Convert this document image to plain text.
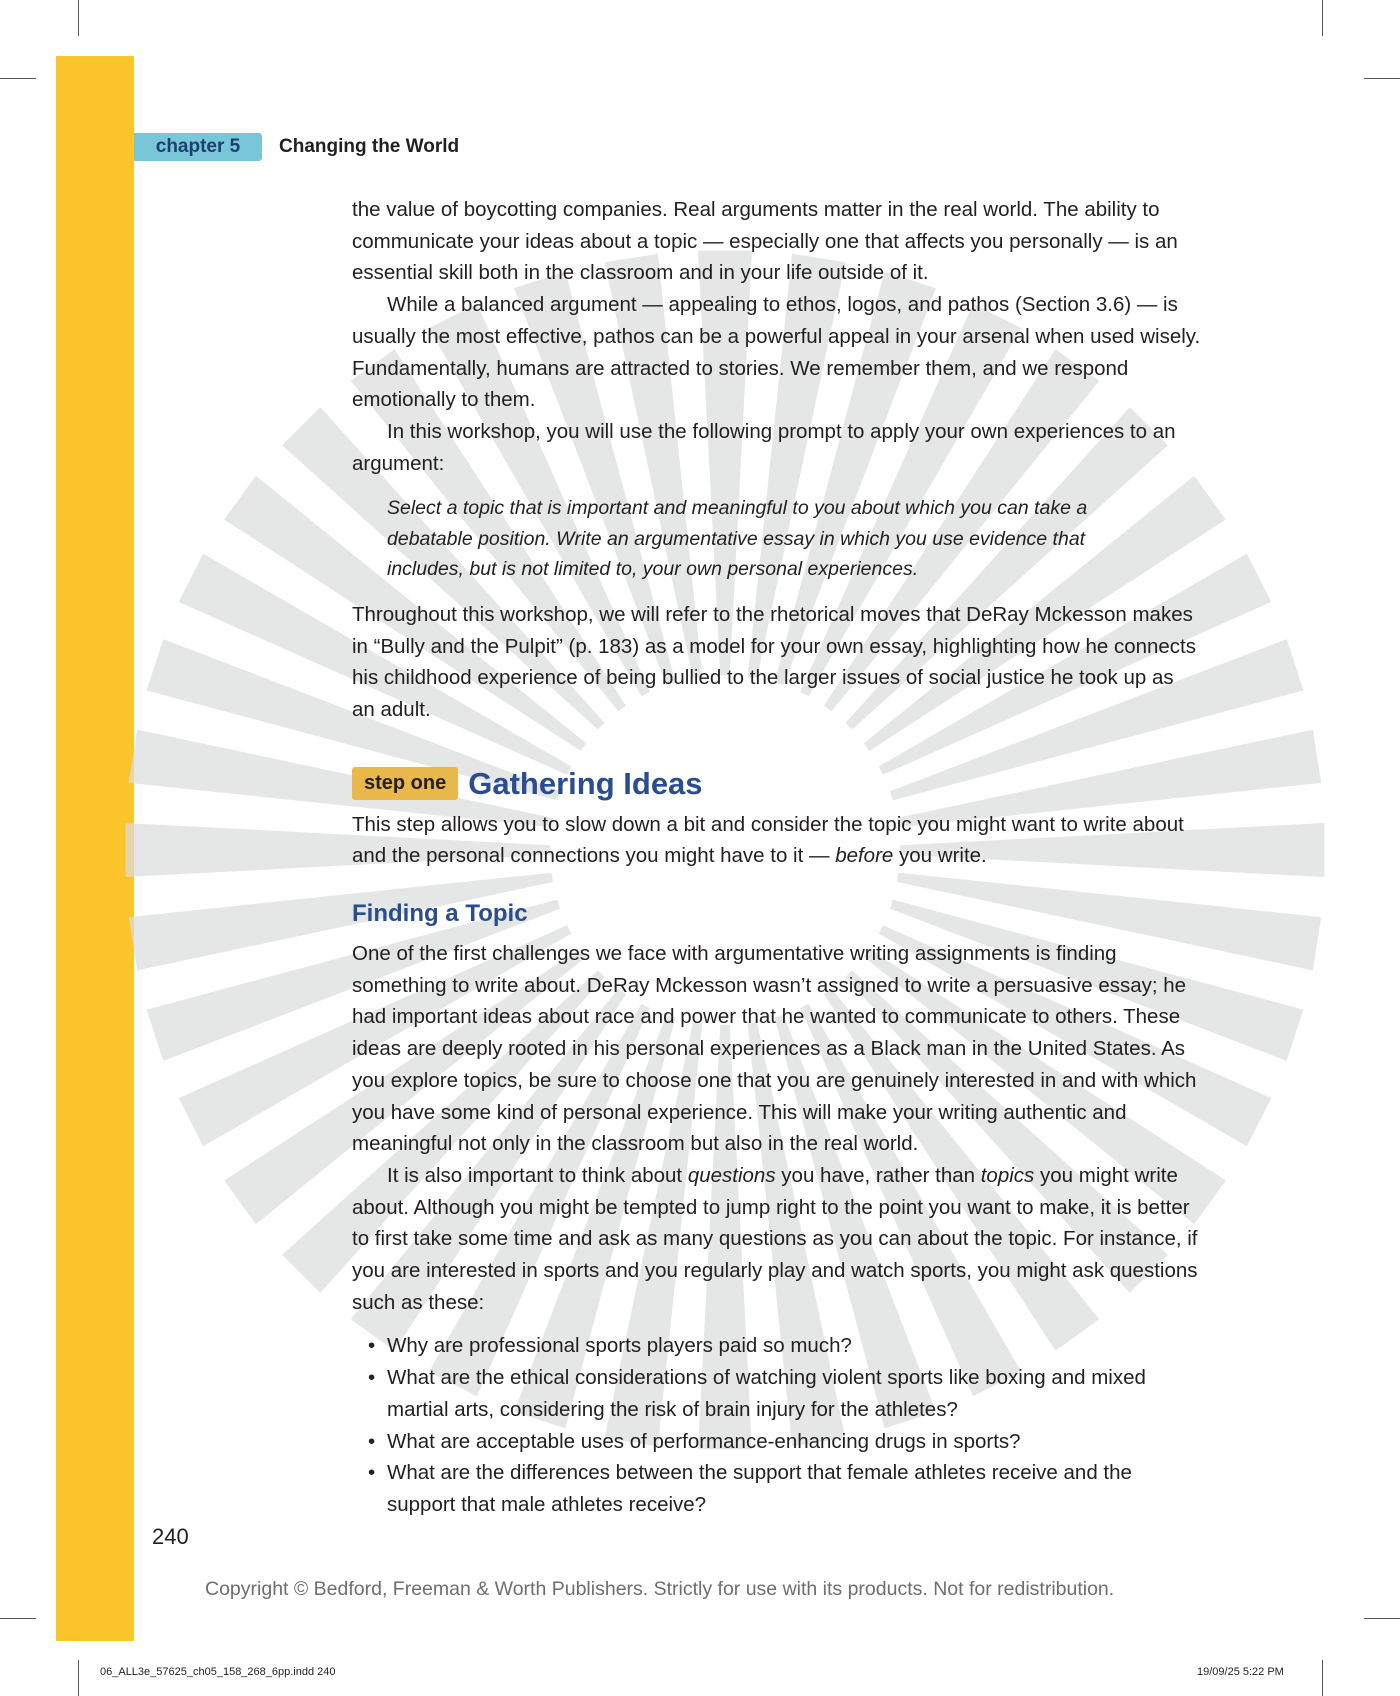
chapter 5	Changing the World

the value of boycotting companies. Real arguments matter in the real world. The ability to communicate your ideas about a topic — especially one that affects you personally — is an essential skill both in the classroom and in your life outside of it.

While a balanced argument — appealing to ethos, logos, and pathos (Section 3.6) — is usually the most effective, pathos can be a powerful appeal in your arsenal when used wisely. Fundamentally, humans are attracted to stories. We remember them, and we respond emotionally to them.

In this workshop, you will use the following prompt to apply your own experiences to an argument:

Select a topic that is important and meaningful to you about which you can take a debatable position. Write an argumentative essay in which you use evidence that includes, but is not limited to, your own personal experiences.

Throughout this workshop, we will refer to the rhetorical moves that DeRay Mckesson makes in “Bully and the Pulpit” (p. 183) as a model for your own essay, highlighting how he connects his childhood experience of being bullied to the larger issues of social justice he took up as an adult.

step one Gathering Ideas

This step allows you to slow down a bit and consider the topic you might want to write about and the personal connections you might have to it — before you write.

Finding a Topic

One of the first challenges we face with argumentative writing assignments is finding something to write about. DeRay Mckesson wasn’t assigned to write a persuasive essay; he had important ideas about race and power that he wanted to communicate to others. These ideas are deeply rooted in his personal experiences as a Black man in the United States. As you explore topics, be sure to choose one that you are genuinely interested in and with which you have some kind of personal experience. This will make your writing authentic and meaningful not only in the classroom but also in the real world.

It is also important to think about questions you have, rather than topics you might write about. Although you might be tempted to jump right to the point you want to make, it is better to first take some time and ask as many questions as you can about the topic. For instance, if you are interested in sports and you regularly play and watch sports, you might ask questions such as these:

• Why are professional sports players paid so much?
• What are the ethical considerations of watching violent sports like boxing and mixed martial arts, considering the risk of brain injury for the athletes?
• What are acceptable uses of performance-enhancing drugs in sports?
• What are the differences between the support that female athletes receive and the support that male athletes receive?
240
Copyright © Bedford, Freeman & Worth Publishers. Strictly for use with its products. Not for redistribution.
06_ALL3e_57625_ch05_158_268_6pp.indd 240	19/09/25 5:22 PM
